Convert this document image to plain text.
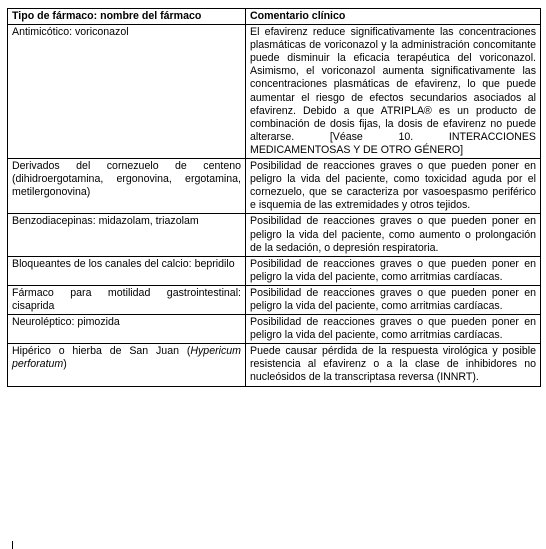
Tipo de fármaco: nombre del fármaco	Comentario clínico
Antimicótico: voriconazol	El efavirenz reduce significativamente las concentraciones plasmáticas de voriconazol y la administración concomitante puede disminuir la eficacia terapéutica del voriconazol. Asimismo, el voriconazol aumenta significativamente las concentraciones plasmáticas de efavirenz, lo que puede aumentar el riesgo de efectos secundarios asociados al efavirenz. Debido a que ATRIPLA® es un producto de combinación de dosis fijas, la dosis de efavirenz no puede alterarse. [Véase 10. INTERACCIONES MEDICAMENTOSAS Y DE OTRO GÉNERO]
Derivados del cornezuelo de centeno (dihidroergotamina, ergonovina, ergotamina, metilergonovina)	Posibilidad de reacciones graves o que pueden poner en peligro la vida del paciente, como toxicidad aguda por el cornezuelo, que se caracteriza por vasoespasmo periférico e isquemia de las extremidades y otros tejidos.
Benzodiacepinas: midazolam, triazolam	Posibilidad de reacciones graves o que pueden poner en peligro la vida del paciente, como aumento o prolongación de la sedación, o depresión respiratoria.
Bloqueantes de los canales del calcio: bepridilo	Posibilidad de reacciones graves o que pueden poner en peligro la vida del paciente, como arritmias cardíacas.
Fármaco para motilidad gastrointestinal: cisaprida	Posibilidad de reacciones graves o que pueden poner en peligro la vida del paciente, como arritmias cardíacas.
Neuroléptico: pimozida	Posibilidad de reacciones graves o que pueden poner en peligro la vida del paciente, como arritmias cardíacas.
Hipérico o hierba de San Juan (Hypericum perforatum)	Puede causar pérdida de la respuesta virológica y posible resistencia al efavirenz o a la clase de inhibidores no nucleósidos de la transcriptasa reversa (INNRT).
